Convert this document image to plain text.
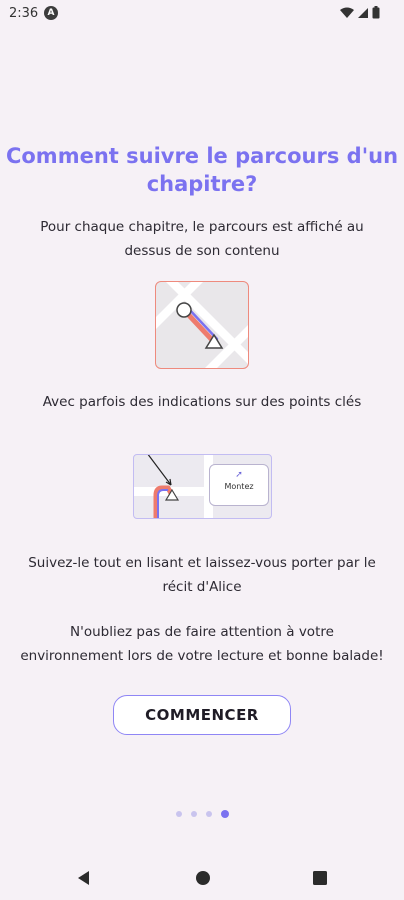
2:36	A
Comment suivre le parcours d'un
chapitre?
Pour chaque chapitre, le parcours est affiché au
dessus de son contenu
Avec parfois des indications sur des points clés
➚
Montez
Suivez-le tout en lisant et laissez-vous porter par le
récit d'Alice
N'oubliez pas de faire attention à votre
environnement lors de votre lecture et bonne balade!
COMMENCER
